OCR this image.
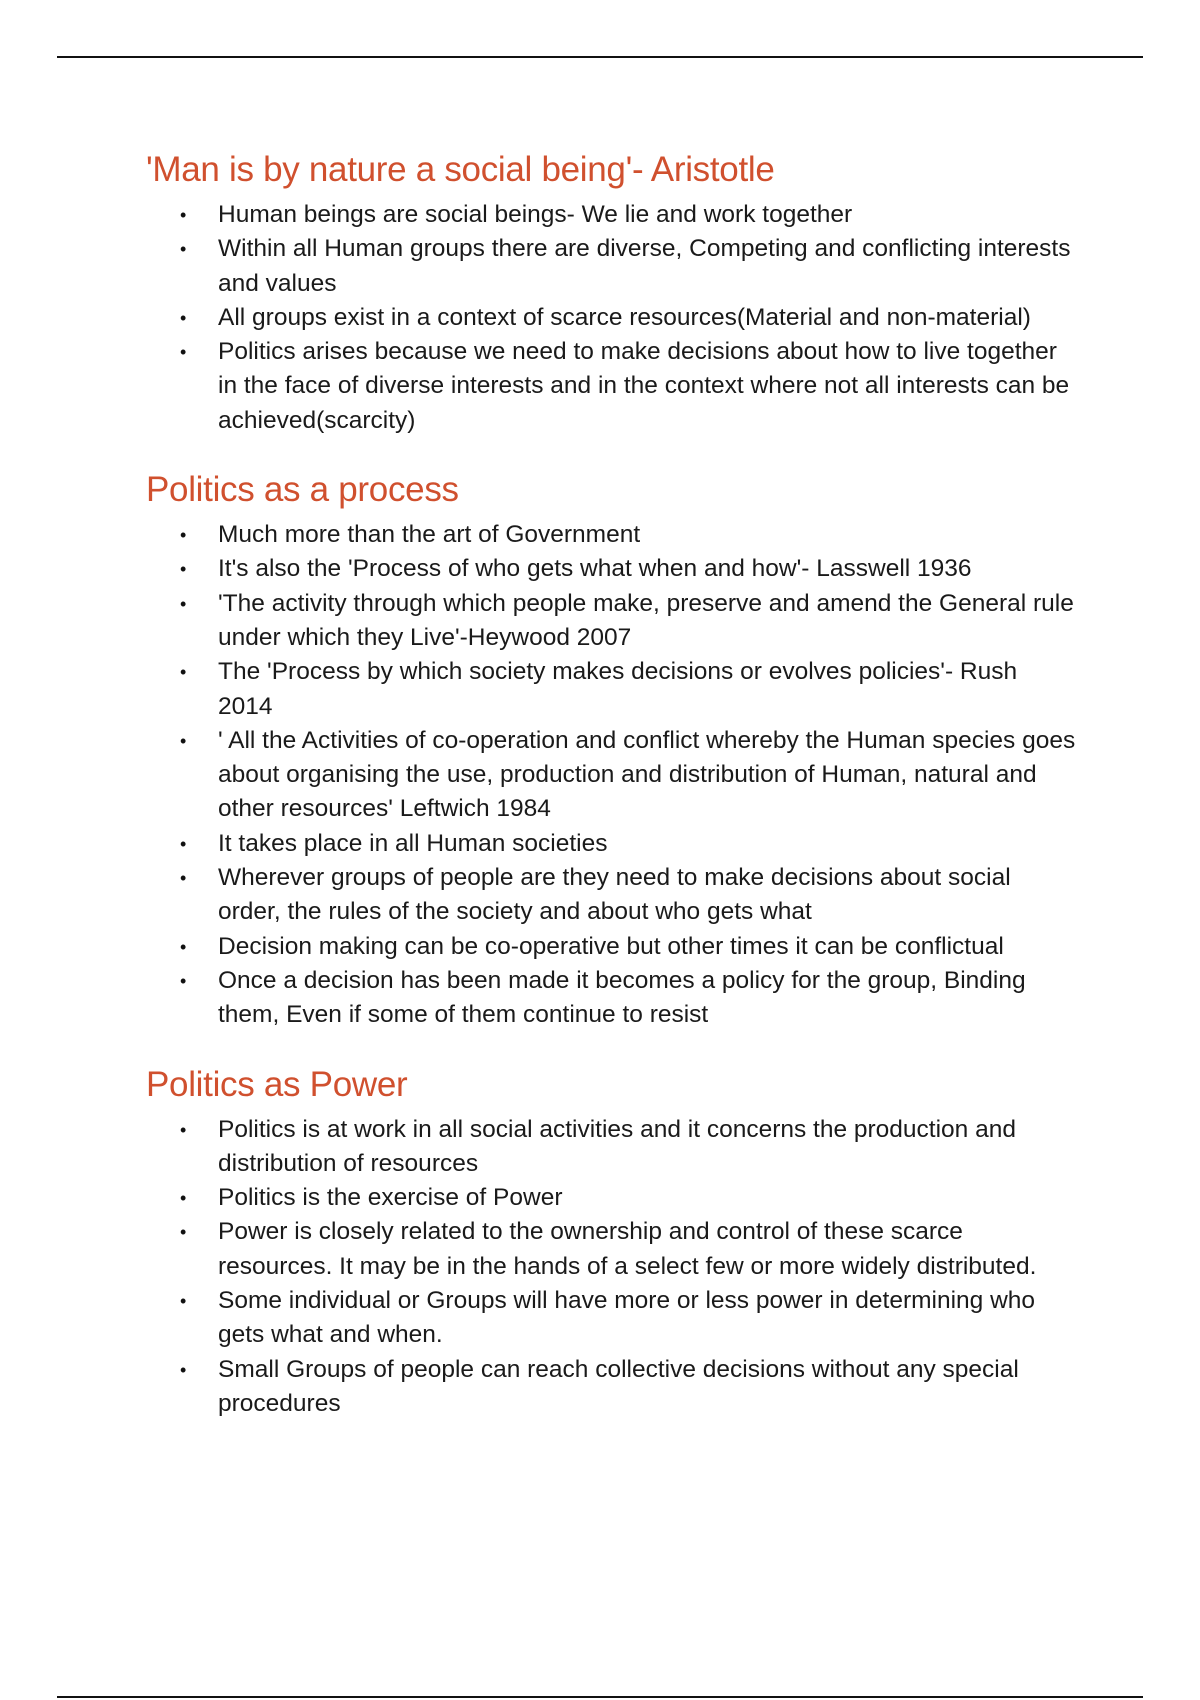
'Man is by nature a social being'- Aristotle
• Human beings are social beings- We lie and work together
• Within all Human groups there are diverse, Competing and conflicting interests and values
• All groups exist in a context of scarce resources(Material and non-material)
• Politics arises because we need to make decisions about how to live together in the face of diverse interests and in the context where not all interests can be achieved(scarcity)
Politics as a process
• Much more than the art of Government
• It's also the 'Process of who gets what when and how'- Lasswell 1936
• 'The activity through which people make, preserve and amend the General rule under which they Live'-Heywood 2007
• The 'Process by which society makes decisions or evolves policies'- Rush 2014
• ' All the Activities of co-operation and conflict whereby the Human species goes about organising the use, production and distribution of Human, natural and other resources' Leftwich 1984
• It takes place in all Human societies
• Wherever groups of people are they need to make decisions about social order, the rules of the society and about who gets what
• Decision making can be co-operative but other times it can be conflictual
• Once a decision has been made it becomes a policy for the group, Binding them, Even if some of them continue to resist
Politics as Power
• Politics is at work in all social activities and it concerns the production and distribution of resources
• Politics is the exercise of Power
• Power is closely related to the ownership and control of these scarce resources. It may be in the hands of a select few or more widely distributed.
• Some individual or Groups will have more or less power in determining who gets what and when.
• Small Groups of people can reach collective decisions without any special procedures
